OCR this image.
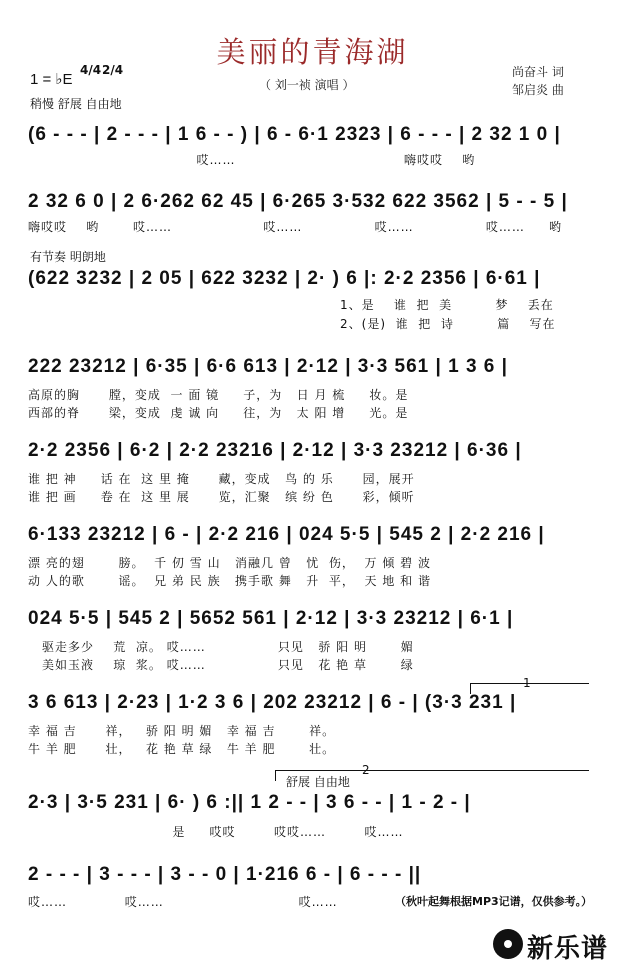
美丽的青海湖
（ 刘一祯 演唱 ）
尚奋斗 词
邹启炎 曲
1 = ♭E
4/4 2/4
稍慢 舒展 自由地
(6 - - - | 2 - - - | 1 6 - - ) | 6 - 6·1 2323 | 6 - - - | 2 32 1 0 |
哎……                                   嗨哎哎    哟
2 32 6 0 | 2 6·262 62 45 | 6·265 3·532 622 3562 | 5 - - 5 |
嗨哎哎    哟       哎……                   哎……               哎……               哎……     哟
有节奏 明朗地
(622 3232 | 2 05 | 622 3232 | 2· ) 6 |: 2·2 2356 | 6·61 |
1、是    谁  把  美         梦    丢在
2、(是)  谁  把  诗         篇    写在
222 23212 | 6·35 | 6·6 613 | 2·12 | 3·3 561 | 1 3 6 |
高原的胸      膛，变成  一 面 镜     子，为   日 月 梳     妆。是
西部的脊      梁，变成  虔 诚 向     往，为   太 阳 增     光。是
2·2 2356 | 6·2 | 2·2 23216 | 2·12 | 3·3 23212 | 6·36 |
谁 把 神     话 在  这 里 掩      藏，变成   鸟 的 乐      园，展开
谁 把 画     卷 在  这 里 展      览，汇聚   缤 纷 色      彩，倾听
6·133 23212 | 6 - | 2·2 216 | 024 5·5 | 545 2 | 2·2 216 |
漂 亮的翅       膀。  千 仞 雪 山   消融几 曾   忧  伤，  万 倾 碧 波
动 人的歌       谣。  兄 弟 民 族   携手歌 舞   升  平，  天 地 和 谐
024 5·5 | 545 2 | 5652 561 | 2·12 | 3·3 23212 | 6·1 |
驱走多少    荒  凉。 哎……               只见   骄 阳 明       媚
美如玉液    琼  浆。 哎……               只见   花 艳 草       绿
1
3 6 613 | 2·23 | 1·2 3 6 | 202 23212 | 6 - | (3·3 231 |
幸 福 吉      祥，   骄 阳 明 媚   幸 福 吉       祥。
牛 羊 肥      壮，   花 艳 草 绿   牛 羊 肥       壮。
舒展 自由地
2
2·3 | 3·5 231 | 6· ) 6 :|| 1 2 - - | 3 6 - - | 1 - 2 - |
是     哎哎        哎哎……        哎……
2 - - - | 3 - - - | 3 - - 0 | 1·216 6 - | 6 - - - ||
哎……            哎……                            哎……	（秋叶起舞根据MP3记谱，仅供参考。）
新乐谱
